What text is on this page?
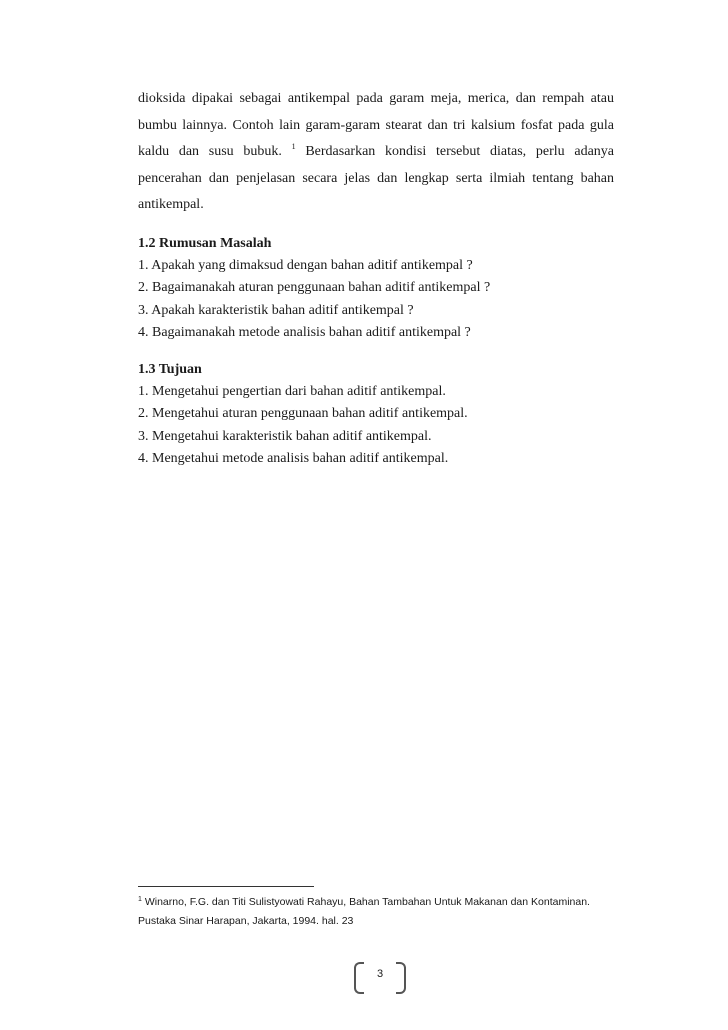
dioksida dipakai sebagai antikempal pada garam meja, merica, dan rempah atau
bumbu lainnya. Contoh lain garam-garam stearat dan tri kalsium fosfat pada gula
kaldu dan susu bubuk. $^1$ Berdasarkan kondisi tersebut diatas, perlu adanya
pencerahan dan penjelasan secara jelas dan lengkap serta ilmiah tentang bahan
antikempal.
1.2 Rumusan Masalah
1. Apakah yang dimaksud dengan bahan aditif antikempal ?
2. Bagaimanakah aturan penggunaan bahan aditif antikempal ?
3. Apakah karakteristik bahan aditif antikempal ?
4. Bagaimanakah metode analisis bahan aditif antikempal ?
1.3 Tujuan
1. Mengetahui pengertian dari bahan aditif antikempal.
2. Mengetahui aturan penggunaan bahan aditif antikempal.
3. Mengetahui karakteristik bahan aditif antikempal.
4. Mengetahui metode analisis bahan aditif antikempal.
$^1$ Winarno, F.G. dan Titi Sulistyowati Rahayu, Bahan Tambahan Untuk Makanan dan Kontaminan.
Pustaka Sinar Harapan, Jakarta, 1994. hal. 23
3
